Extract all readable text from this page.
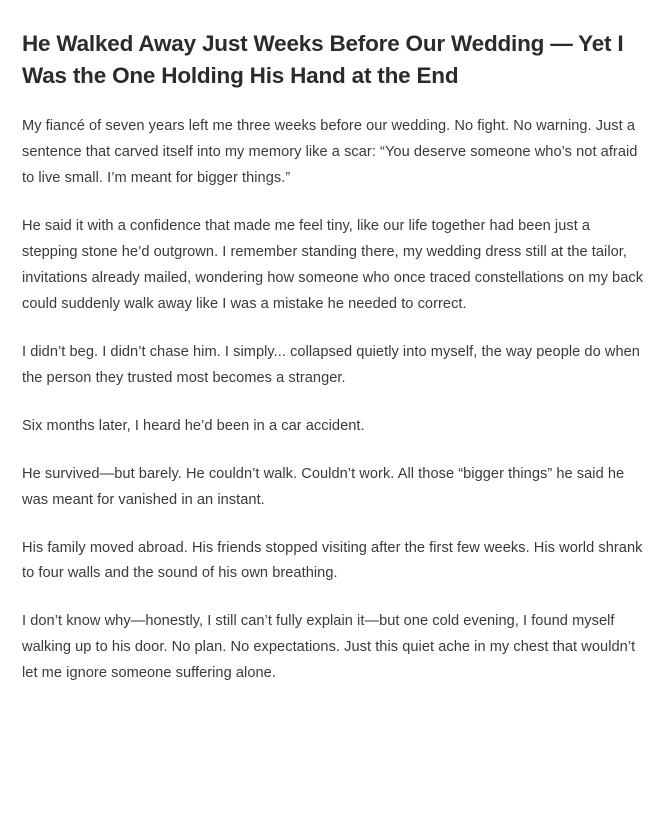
He Walked Away Just Weeks Before Our Wedding — Yet I Was the One Holding His Hand at the End

My fiancé of seven years left me three weeks before our wedding. No fight. No warning. Just a sentence that carved itself into my memory like a scar: “You deserve someone who’s not afraid to live small. I’m meant for bigger things.”

He said it with a confidence that made me feel tiny, like our life together had been just a stepping stone he’d outgrown. I remember standing there, my wedding dress still at the tailor, invitations already mailed, wondering how someone who once traced constellations on my back could suddenly walk away like I was a mistake he needed to correct.

I didn’t beg. I didn’t chase him. I simply... collapsed quietly into myself, the way people do when the person they trusted most becomes a stranger.

Six months later, I heard he’d been in a car accident.

He survived—but barely. He couldn’t walk. Couldn’t work. All those “bigger things” he said he was meant for vanished in an instant.

His family moved abroad. His friends stopped visiting after the first few weeks. His world shrank to four walls and the sound of his own breathing.

I don’t know why—honestly, I still can’t fully explain it—but one cold evening, I found myself walking up to his door. No plan. No expectations. Just this quiet ache in my chest that wouldn’t let me ignore someone suffering alone.
